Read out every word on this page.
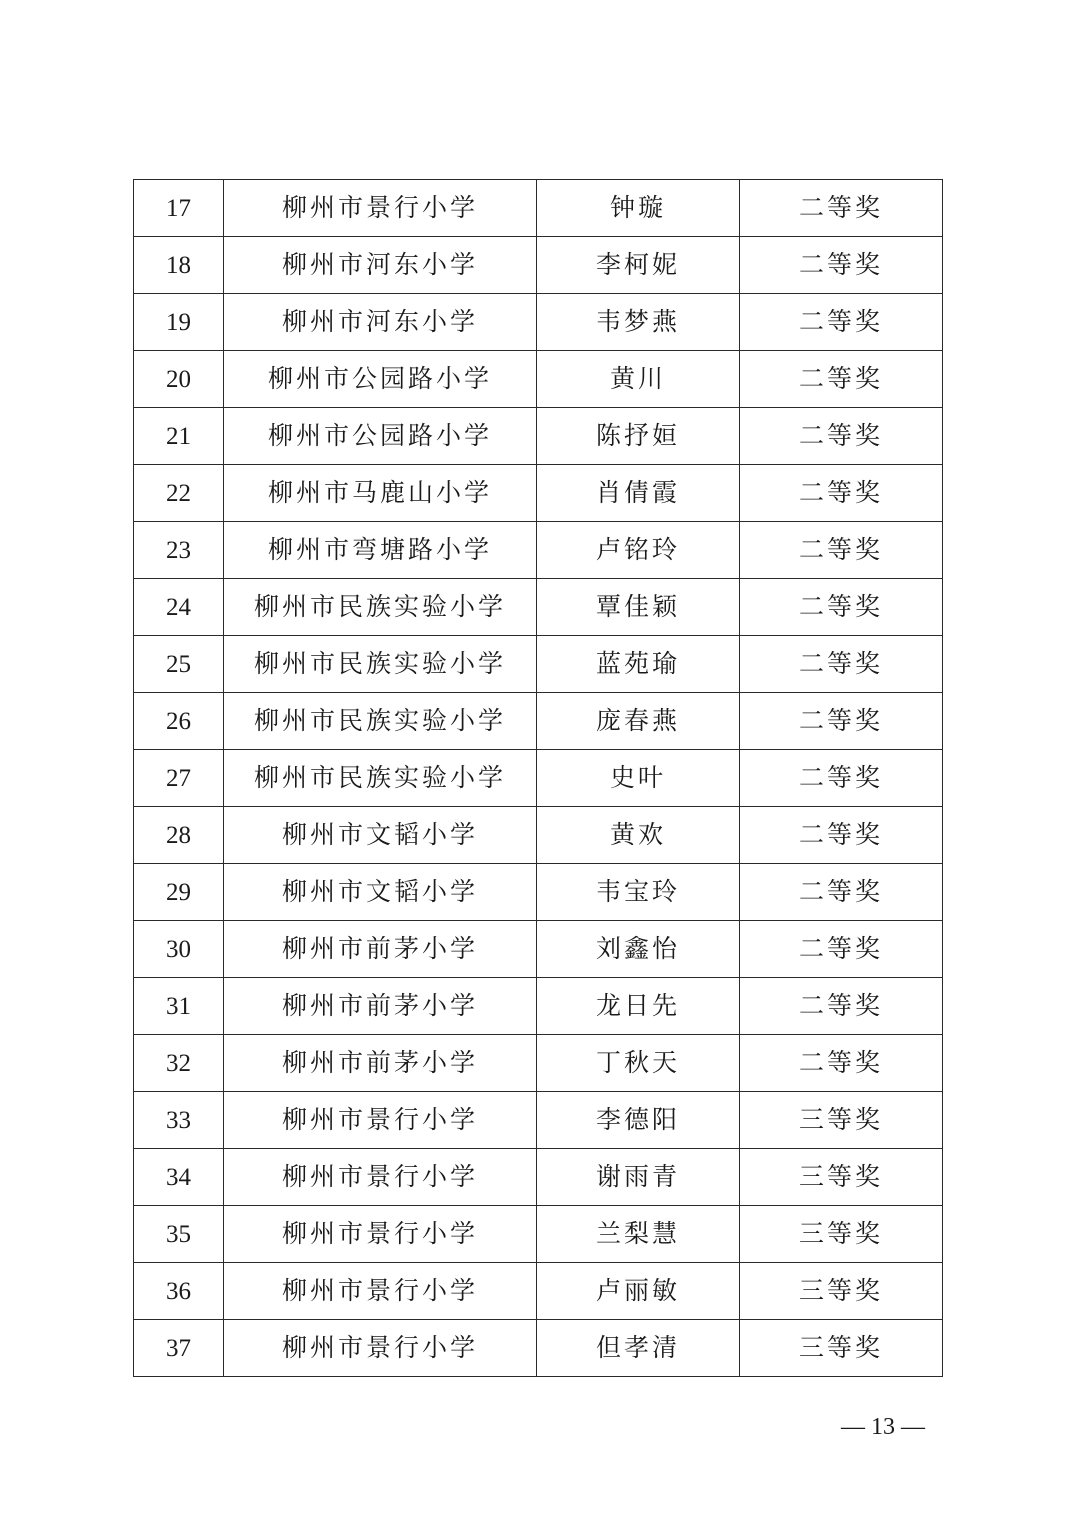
17	柳州市景行小学	钟璇	二等奖
18	柳州市河东小学	李柯妮	二等奖
19	柳州市河东小学	韦梦燕	二等奖
20	柳州市公园路小学	黄川	二等奖
21	柳州市公园路小学	陈抒姮	二等奖
22	柳州市马鹿山小学	肖倩霞	二等奖
23	柳州市弯塘路小学	卢铭玲	二等奖
24	柳州市民族实验小学	覃佳颖	二等奖
25	柳州市民族实验小学	蓝苑瑜	二等奖
26	柳州市民族实验小学	庞春燕	二等奖
27	柳州市民族实验小学	史叶	二等奖
28	柳州市文韬小学	黄欢	二等奖
29	柳州市文韬小学	韦宝玲	二等奖
30	柳州市前茅小学	刘鑫怡	二等奖
31	柳州市前茅小学	龙日先	二等奖
32	柳州市前茅小学	丁秋天	二等奖
33	柳州市景行小学	李德阳	三等奖
34	柳州市景行小学	谢雨青	三等奖
35	柳州市景行小学	兰梨慧	三等奖
36	柳州市景行小学	卢丽敏	三等奖
37	柳州市景行小学	但孝清	三等奖
— 13 —
